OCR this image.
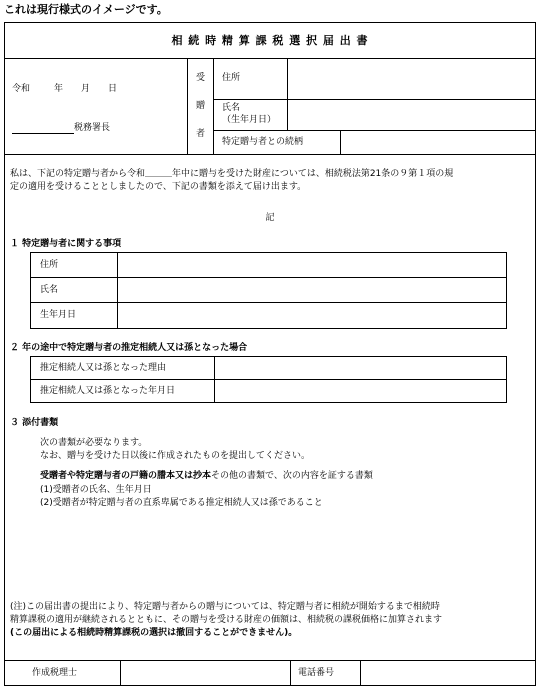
これは現行様式のイメージです。
相 続 時 精 算 課 税 選 択 届 出 書
令和	年 月 日
税務署長
受
贈
者
住所
氏名
（生年月日）
特定贈与者との続柄
私は、下記の特定贈与者から令和＿＿＿年中に贈与を受けた財産については、相続税法第21条の９第１項の規
定の適用を受けることとしましたので、下記の書類を添えて届け出ます。
記
１ 特定贈与者に関する事項
住所
氏名
生年月日
２ 年の途中で特定贈与者の推定相続人又は孫となった場合
推定相続人又は孫となった理由
推定相続人又は孫となった年月日
３ 添付書類
次の書類が必要なります。
なお、贈与を受けた日以後に作成されたものを提出してください。
受贈者や特定贈与者の戸籍の謄本又は抄本その他の書類で、次の内容を証する書類
(1)受贈者の氏名、生年月日
(2)受贈者が特定贈与者の直系卑属である推定相続人又は孫であること
(注)この届出書の提出により、特定贈与者からの贈与については、特定贈与者に相続が開始するまで相続時
精算課税の適用が継続されるとともに、その贈与を受ける財産の価額は、相続税の課税価格に加算されます
(この届出による相続時精算課税の選択は撤回することができません)。
作成税理士	電話番号
